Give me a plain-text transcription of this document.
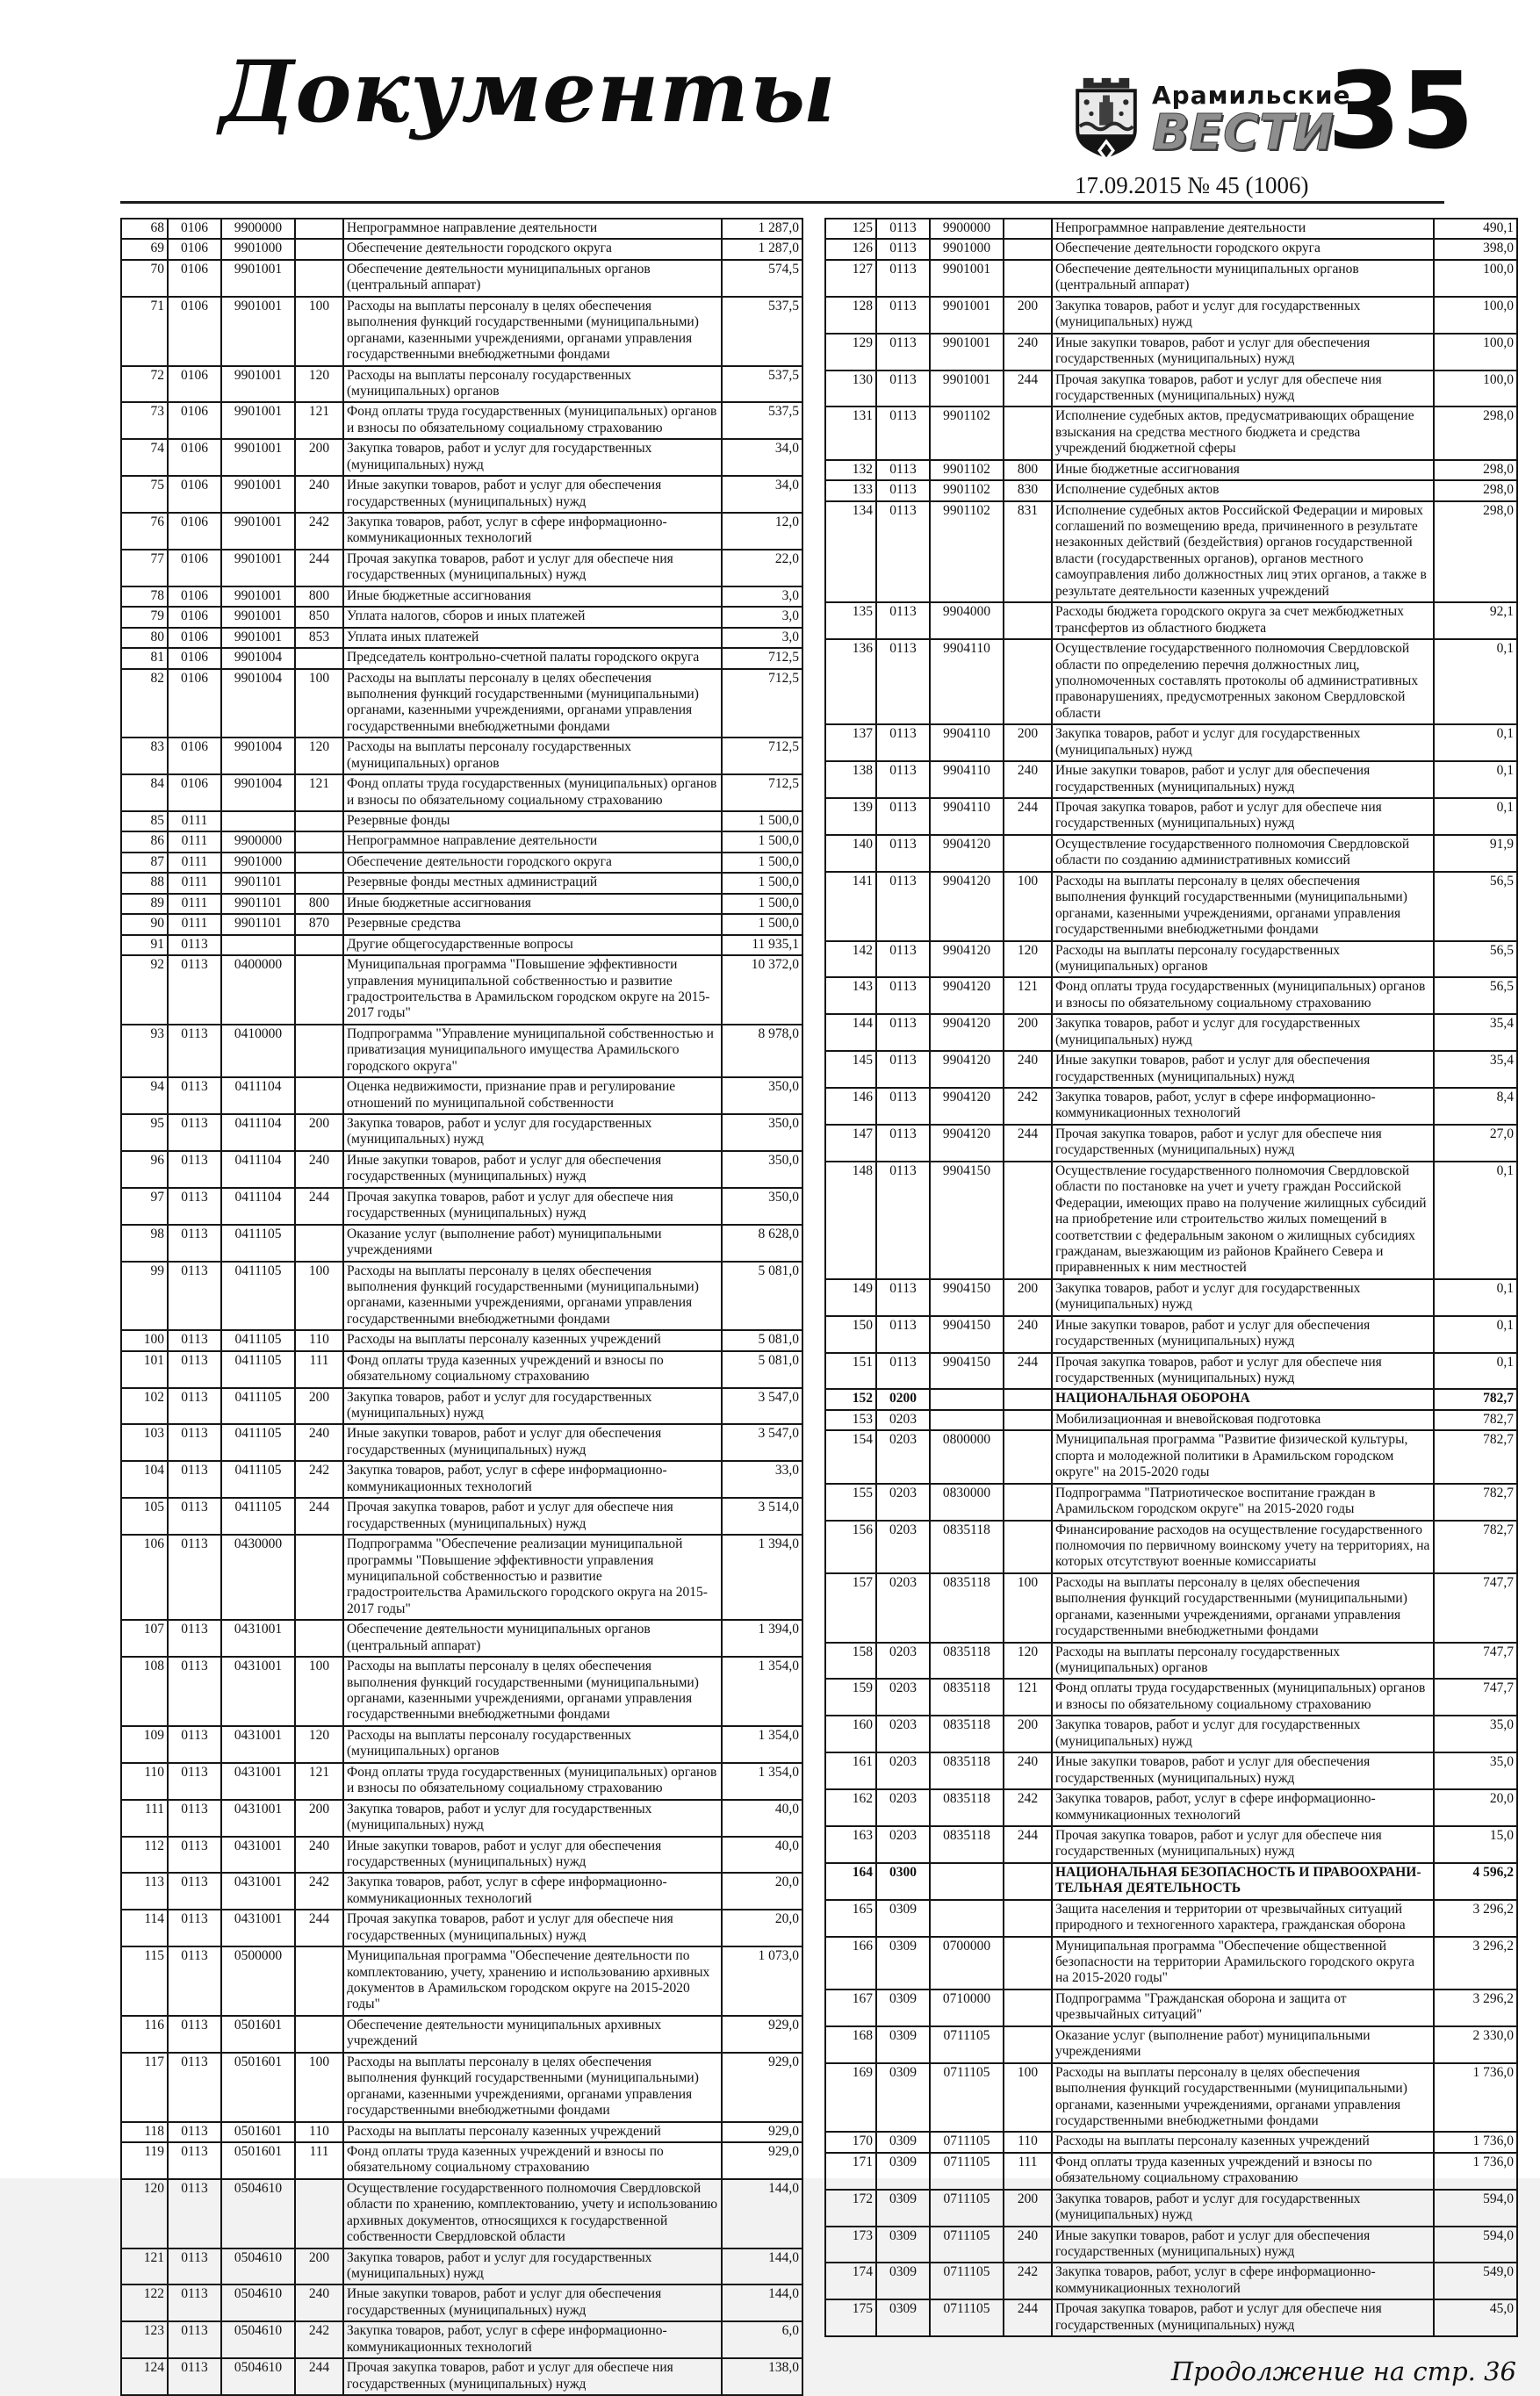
Документы	Арамильские
ВЕСТИ
35
17.09.2015 № 45 (1006)
68	0106	9900000		Непрограммное направление деятельности	1 287,0
69	0106	9901000		Обеспечение деятельности городского округа	1 287,0
70	0106	9901001		Обеспечение деятельности муниципальных органов (центральный аппарат)	574,5
71	0106	9901001	100	Расходы на выплаты персоналу в целях обеспечения выполнения функций государственными (муниципальными) органами, казенными учреждениями, органами управления государственными внебюджетными фондами	537,5
72	0106	9901001	120	Расходы на выплаты персоналу государственных (муниципальных) органов	537,5
73	0106	9901001	121	Фонд оплаты труда государственных (муниципальных) органов и взносы по обязательному социальному страхованию	537,5
74	0106	9901001	200	Закупка товаров, работ и услуг для государственных (муниципальных) нужд	34,0
75	0106	9901001	240	Иные закупки товаров, работ и услуг для обеспечения государственных (муниципальных) нужд	34,0
76	0106	9901001	242	Закупка товаров, работ, услуг в сфере информационно-коммуникационных технологий	12,0
77	0106	9901001	244	Прочая закупка товаров, работ и услуг для обеспече ния государственных (муниципальных) нужд	22,0
78	0106	9901001	800	Иные бюджетные ассигнования	3,0
79	0106	9901001	850	Уплата налогов, сборов и иных платежей	3,0
80	0106	9901001	853	Уплата иных платежей	3,0
81	0106	9901004		Председатель контрольно-счетной палаты городского округа	712,5
82	0106	9901004	100	Расходы на выплаты персоналу в целях обеспечения выполнения функций государственными (муниципальными) органами, казенными учреждениями, органами управления государственными внебюджетными фондами	712,5
83	0106	9901004	120	Расходы на выплаты персоналу государственных (муниципальных) органов	712,5
84	0106	9901004	121	Фонд оплаты труда государственных (муниципальных) органов и взносы по обязательному социальному страхованию	712,5
85	0111			Резервные фонды	1 500,0
86	0111	9900000		Непрограммное направление деятельности	1 500,0
87	0111	9901000		Обеспечение деятельности городского округа	1 500,0
88	0111	9901101		Резервные фонды местных администраций	1 500,0
89	0111	9901101	800	Иные бюджетные ассигнования	1 500,0
90	0111	9901101	870	Резервные средства	1 500,0
91	0113			Другие общегосударственные вопросы	11 935,1
92	0113	0400000		Муниципальная программа "Повышение эффективности управления муниципальной собственностью и развитие градостроительства в Арамильском городском округе на 2015-2017 годы"	10 372,0
93	0113	0410000		Подпрограмма "Управление муниципальной собственностью и приватизация муниципального имущества Арамильского городского округа"	8 978,0
94	0113	0411104		Оценка недвижимости, признание прав и регулирование отношений по муниципальной собственности	350,0
95	0113	0411104	200	Закупка товаров, работ и услуг для государственных (муниципальных) нужд	350,0
96	0113	0411104	240	Иные закупки товаров, работ и услуг для обеспечения государственных (муниципальных) нужд	350,0
97	0113	0411104	244	Прочая закупка товаров, работ и услуг для обеспече ния государственных (муниципальных) нужд	350,0
98	0113	0411105		Оказание услуг (выполнение работ) муниципальными учреждениями	8 628,0
99	0113	0411105	100	Расходы на выплаты персоналу в целях обеспечения выполнения функций государственными (муниципальными) органами, казенными учреждениями, органами управления государственными внебюджетными фондами	5 081,0
100	0113	0411105	110	Расходы на выплаты персоналу казенных учреждений	5 081,0
101	0113	0411105	111	Фонд оплаты труда казенных учреждений и взносы по обязательному социальному страхованию	5 081,0
102	0113	0411105	200	Закупка товаров, работ и услуг для государственных (муниципальных) нужд	3 547,0
103	0113	0411105	240	Иные закупки товаров, работ и услуг для обеспечения государственных (муниципальных) нужд	3 547,0
104	0113	0411105	242	Закупка товаров, работ, услуг в сфере информационно-коммуникационных технологий	33,0
105	0113	0411105	244	Прочая закупка товаров, работ и услуг для обеспече ния государственных (муниципальных) нужд	3 514,0
106	0113	0430000		Подпрограмма "Обеспечение реализации муниципальной программы "Повышение эффективности управления муниципальной собственностью и развитие градостроительства Арамильского городского округа на 2015-2017 годы"	1 394,0
107	0113	0431001		Обеспечение деятельности муниципальных органов (центральный аппарат)	1 394,0
108	0113	0431001	100	Расходы на выплаты персоналу в целях обеспечения выполнения функций государственными (муниципальными) органами, казенными учреждениями, органами управления государственными внебюджетными фондами	1 354,0
109	0113	0431001	120	Расходы на выплаты персоналу государственных (муниципальных) органов	1 354,0
110	0113	0431001	121	Фонд оплаты труда государственных (муниципальных) органов и взносы по обязательному социальному страхованию	1 354,0
111	0113	0431001	200	Закупка товаров, работ и услуг для государственных (муниципальных) нужд	40,0
112	0113	0431001	240	Иные закупки товаров, работ и услуг для обеспечения государственных (муниципальных) нужд	40,0
113	0113	0431001	242	Закупка товаров, работ, услуг в сфере информационно-коммуникационных технологий	20,0
114	0113	0431001	244	Прочая закупка товаров, работ и услуг для обеспече ния государственных (муниципальных) нужд	20,0
115	0113	0500000		Муниципальная программа "Обеспечение деятельности по комплектованию, учету, хранению и использованию архивных документов в Арамильском городском округе на 2015-2020 годы"	1 073,0
116	0113	0501601		Обеспечение деятельности муниципальных архивных учреждений	929,0
117	0113	0501601	100	Расходы на выплаты персоналу в целях обеспечения выполнения функций государственными (муниципальными) органами, казенными учреждениями, органами управления государственными внебюджетными фондами	929,0
118	0113	0501601	110	Расходы на выплаты персоналу казенных учреждений	929,0
119	0113	0501601	111	Фонд оплаты труда казенных учреждений и взносы по обязательному социальному страхованию	929,0
120	0113	0504610		Осуществление государственного полномочия Свердловской области по хранению, комплектованию, учету и использованию архивных документов, относящихся к государственной собственности Свердловской области	144,0
121	0113	0504610	200	Закупка товаров, работ и услуг для государственных (муниципальных) нужд	144,0
122	0113	0504610	240	Иные закупки товаров, работ и услуг для обеспечения государственных (муниципальных) нужд	144,0
123	0113	0504610	242	Закупка товаров, работ, услуг в сфере информационно-коммуникационных технологий	6,0
124	0113	0504610	244	Прочая закупка товаров, работ и услуг для обеспече ния государственных (муниципальных) нужд	138,0
125	0113	9900000		Непрограммное направление деятельности	490,1
126	0113	9901000		Обеспечение деятельности городского округа	398,0
127	0113	9901001		Обеспечение деятельности муниципальных органов (центральный аппарат)	100,0
128	0113	9901001	200	Закупка товаров, работ и услуг для государственных (муниципальных) нужд	100,0
129	0113	9901001	240	Иные закупки товаров, работ и услуг для обеспечения государственных (муниципальных) нужд	100,0
130	0113	9901001	244	Прочая закупка товаров, работ и услуг для обеспече ния государственных (муниципальных) нужд	100,0
131	0113	9901102		Исполнение судебных актов, предусматривающих обращение взыскания на средства местного бюджета и средства учреждений бюджетной сферы	298,0
132	0113	9901102	800	Иные бюджетные ассигнования	298,0
133	0113	9901102	830	Исполнение судебных актов	298,0
134	0113	9901102	831	Исполнение судебных актов Российской Федерации и мировых соглашений по возмещению вреда, причиненного в результате незаконных действий (бездействия) органов государственной власти (государственных органов), органов местного самоуправления либо должностных лиц этих органов, а также в результате деятельности казенных учреждений	298,0
135	0113	9904000		Расходы бюджета городского округа за счет межбюджетных трансфертов из областного бюджета	92,1
136	0113	9904110		Осуществление государственного полномочия Свердловской области по определению перечня должностных лиц, уполномоченных составлять протоколы об административных правонарушениях, предусмотренных законом Свердловской области	0,1
137	0113	9904110	200	Закупка товаров, работ и услуг для государственных (муниципальных) нужд	0,1
138	0113	9904110	240	Иные закупки товаров, работ и услуг для обеспечения государственных (муниципальных) нужд	0,1
139	0113	9904110	244	Прочая закупка товаров, работ и услуг для обеспече ния государственных (муниципальных) нужд	0,1
140	0113	9904120		Осуществление государственного полномочия Свердловской области по созданию административных комиссий	91,9
141	0113	9904120	100	Расходы на выплаты персоналу в целях обеспечения выполнения функций государственными (муниципальными) органами, казенными учреждениями, органами управления государственными внебюджетными фондами	56,5
142	0113	9904120	120	Расходы на выплаты персоналу государственных (муниципальных) органов	56,5
143	0113	9904120	121	Фонд оплаты труда государственных (муниципальных) органов и взносы по обязательному социальному страхованию	56,5
144	0113	9904120	200	Закупка товаров, работ и услуг для государственных (муниципальных) нужд	35,4
145	0113	9904120	240	Иные закупки товаров, работ и услуг для обеспечения государственных (муниципальных) нужд	35,4
146	0113	9904120	242	Закупка товаров, работ, услуг в сфере информационно-коммуникационных технологий	8,4
147	0113	9904120	244	Прочая закупка товаров, работ и услуг для обеспече ния государственных (муниципальных) нужд	27,0
148	0113	9904150		Осуществление государственного полномочия Свердловской области по постановке на учет и учету граждан Российской Федерации, имеющих право на получение жилищных субсидий на приобретение или строительство жилых помещений в соответствии с федеральным законом о жилищных субсидиях гражданам, выезжающим из районов Крайнего Севера и приравненных к ним местностей	0,1
149	0113	9904150	200	Закупка товаров, работ и услуг для государственных (муниципальных) нужд	0,1
150	0113	9904150	240	Иные закупки товаров, работ и услуг для обеспечения государственных (муниципальных) нужд	0,1
151	0113	9904150	244	Прочая закупка товаров, работ и услуг для обеспече ния государственных (муниципальных) нужд	0,1
152	0200			НАЦИОНАЛЬНАЯ ОБОРОНА	782,7
153	0203			Мобилизационная и вневойсковая подготовка	782,7
154	0203	0800000		Муниципальная программа "Развитие физической культуры, спорта и молодежной политики в Арамильском городском округе" на 2015-2020 годы	782,7
155	0203	0830000		Подпрограмма "Патриотическое воспитание граждан в Арамильском городском округе" на 2015-2020 годы	782,7
156	0203	0835118		Финансирование расходов на осуществление государственного полномочия по первичному воинскому учету на территориях, на которых отсутствуют военные комиссариаты	782,7
157	0203	0835118	100	Расходы на выплаты персоналу в целях обеспечения выполнения функций государственными (муниципальными) органами, казенными учреждениями, органами управления государственными внебюджетными фондами	747,7
158	0203	0835118	120	Расходы на выплаты персоналу государственных (муниципальных) органов	747,7
159	0203	0835118	121	Фонд оплаты труда государственных (муниципальных) органов и взносы по обязательному социальному страхованию	747,7
160	0203	0835118	200	Закупка товаров, работ и услуг для государственных (муниципальных) нужд	35,0
161	0203	0835118	240	Иные закупки товаров, работ и услуг для обеспечения государственных (муниципальных) нужд	35,0
162	0203	0835118	242	Закупка товаров, работ, услуг в сфере информационно-коммуникационных технологий	20,0
163	0203	0835118	244	Прочая закупка товаров, работ и услуг для обеспече ния государственных (муниципальных) нужд	15,0
164	0300			НАЦИОНАЛЬНАЯ БЕЗОПАСНОСТЬ И ПРАВООХРАНИТЕЛЬНАЯ ДЕЯТЕЛЬНОСТЬ	4 596,2
165	0309			Защита населения и территории от чрезвычайных ситуаций природного и техногенного характера, гражданская оборона	3 296,2
166	0309	0700000		Муниципальная программа "Обеспечение общественной безопасности на территории Арамильского городского округа на 2015-2020 годы"	3 296,2
167	0309	0710000		Подпрограмма "Гражданская оборона и защита от чрезвычайных ситуаций"	3 296,2
168	0309	0711105		Оказание услуг (выполнение работ) муниципальными учреждениями	2 330,0
169	0309	0711105	100	Расходы на выплаты персоналу в целях обеспечения выполнения функций государственными (муниципальными) органами, казенными учреждениями, органами управления государственными внебюджетными фондами	1 736,0
170	0309	0711105	110	Расходы на выплаты персоналу казенных учреждений	1 736,0
171	0309	0711105	111	Фонд оплаты труда казенных учреждений и взносы по обязательному социальному страхованию	1 736,0
172	0309	0711105	200	Закупка товаров, работ и услуг для государственных (муниципальных) нужд	594,0
173	0309	0711105	240	Иные закупки товаров, работ и услуг для обеспечения государственных (муниципальных) нужд	594,0
174	0309	0711105	242	Закупка товаров, работ, услуг в сфере информационно-коммуникационных технологий	549,0
175	0309	0711105	244	Прочая закупка товаров, работ и услуг для обеспече ния государственных (муниципальных) нужд	45,0
Продолжение на стр. 36
